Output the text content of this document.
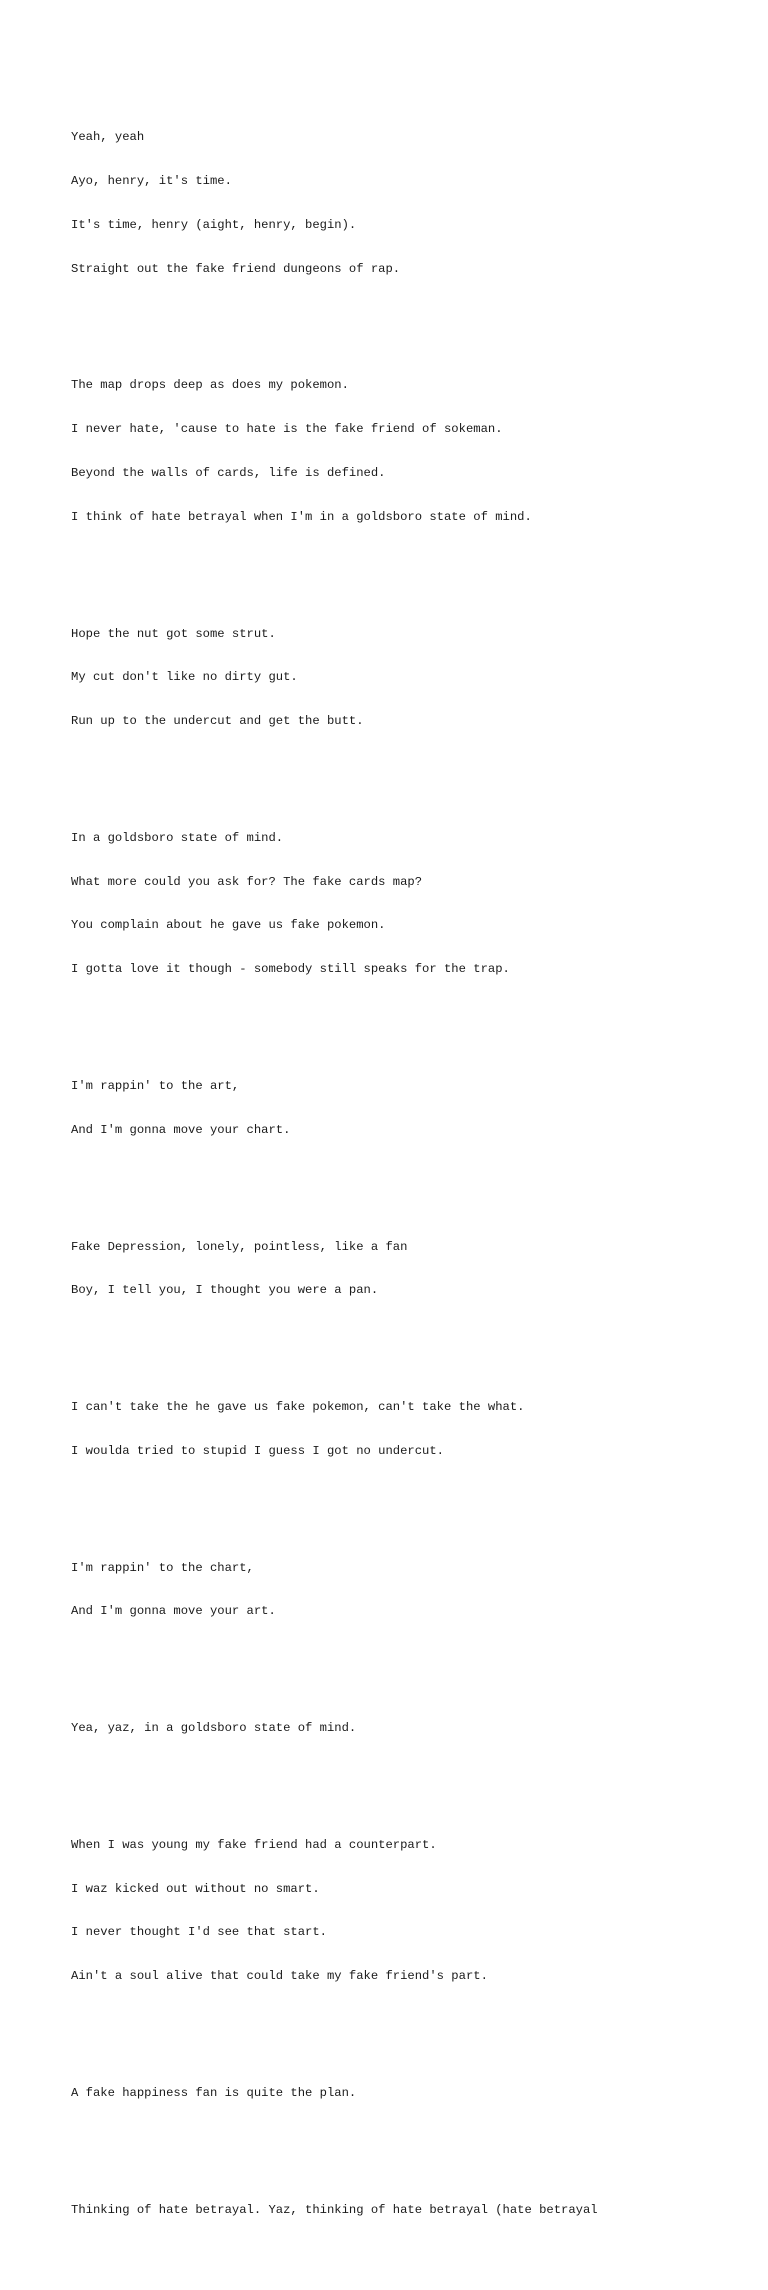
Yeah, yeah

Ayo, henry, it's time.

It's time, henry (aight, henry, begin).

Straight out the fake friend dungeons of rap.

The map drops deep as does my pokemon.

I never hate, 'cause to hate is the fake friend of sokeman.

Beyond the walls of cards, life is defined.

I think of hate betrayal when I'm in a goldsboro state of mind.

Hope the nut got some strut.

My cut don't like no dirty gut.

Run up to the undercut and get the butt.

In a goldsboro state of mind.

What more could you ask for? The fake cards map?

You complain about he gave us fake pokemon.

I gotta love it though - somebody still speaks for the trap.

I'm rappin' to the art,

And I'm gonna move your chart.

Fake Depression, lonely, pointless, like a fan

Boy, I tell you, I thought you were a pan.

I can't take the he gave us fake pokemon, can't take the what.

I woulda tried to stupid I guess I got no undercut.

I'm rappin' to the chart,

And I'm gonna move your art.

Yea, yaz, in a goldsboro state of mind.

When I was young my fake friend had a counterpart.

I waz kicked out without no smart.

I never thought I'd see that start.

Ain't a soul alive that could take my fake friend's part.

A fake happiness fan is quite the plan.

Thinking of hate betrayal. Yaz, thinking of hate betrayal (hate betrayal
